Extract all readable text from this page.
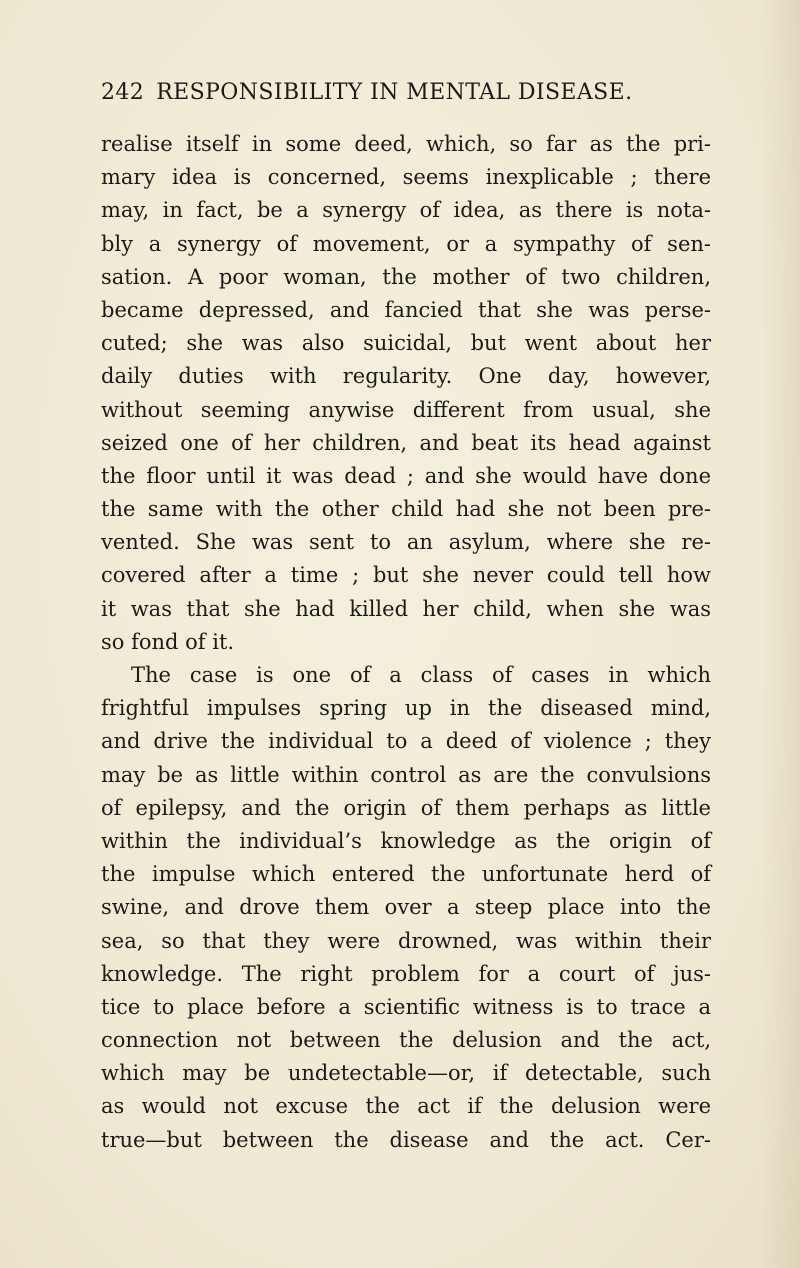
242 RESPONSIBILITY IN MENTAL DISEASE.
realise itself in some deed, which, so far as the pri-
mary idea is concerned, seems inexplicable ; there
may, in fact, be a synergy of idea, as there is nota-
bly a synergy of movement, or a sympathy of sen-
sation. A poor woman, the mother of two children,
became depressed, and fancied that she was perse-
cuted; she was also suicidal, but went about her
daily duties with regularity. One day, however,
without seeming anywise different from usual, she
seized one of her children, and beat its head against
the floor until it was dead ; and she would have done
the same with the other child had she not been pre-
vented. She was sent to an asylum, where she re-
covered after a time ; but she never could tell how
it was that she had killed her child, when she was
so fond of it.
The case is one of a class of cases in which
frightful impulses spring up in the diseased mind,
and drive the individual to a deed of violence ; they
may be as little within control as are the convulsions
of epilepsy, and the origin of them perhaps as little
within the individual’s knowledge as the origin of
the impulse which entered the unfortunate herd of
swine, and drove them over a steep place into the
sea, so that they were drowned, was within their
knowledge. The right problem for a court of jus-
tice to place before a scientific witness is to trace a
connection not between the delusion and the act,
which may be undetectable—or, if detectable, such
as would not excuse the act if the delusion were
true—but between the disease and the act. Cer-
